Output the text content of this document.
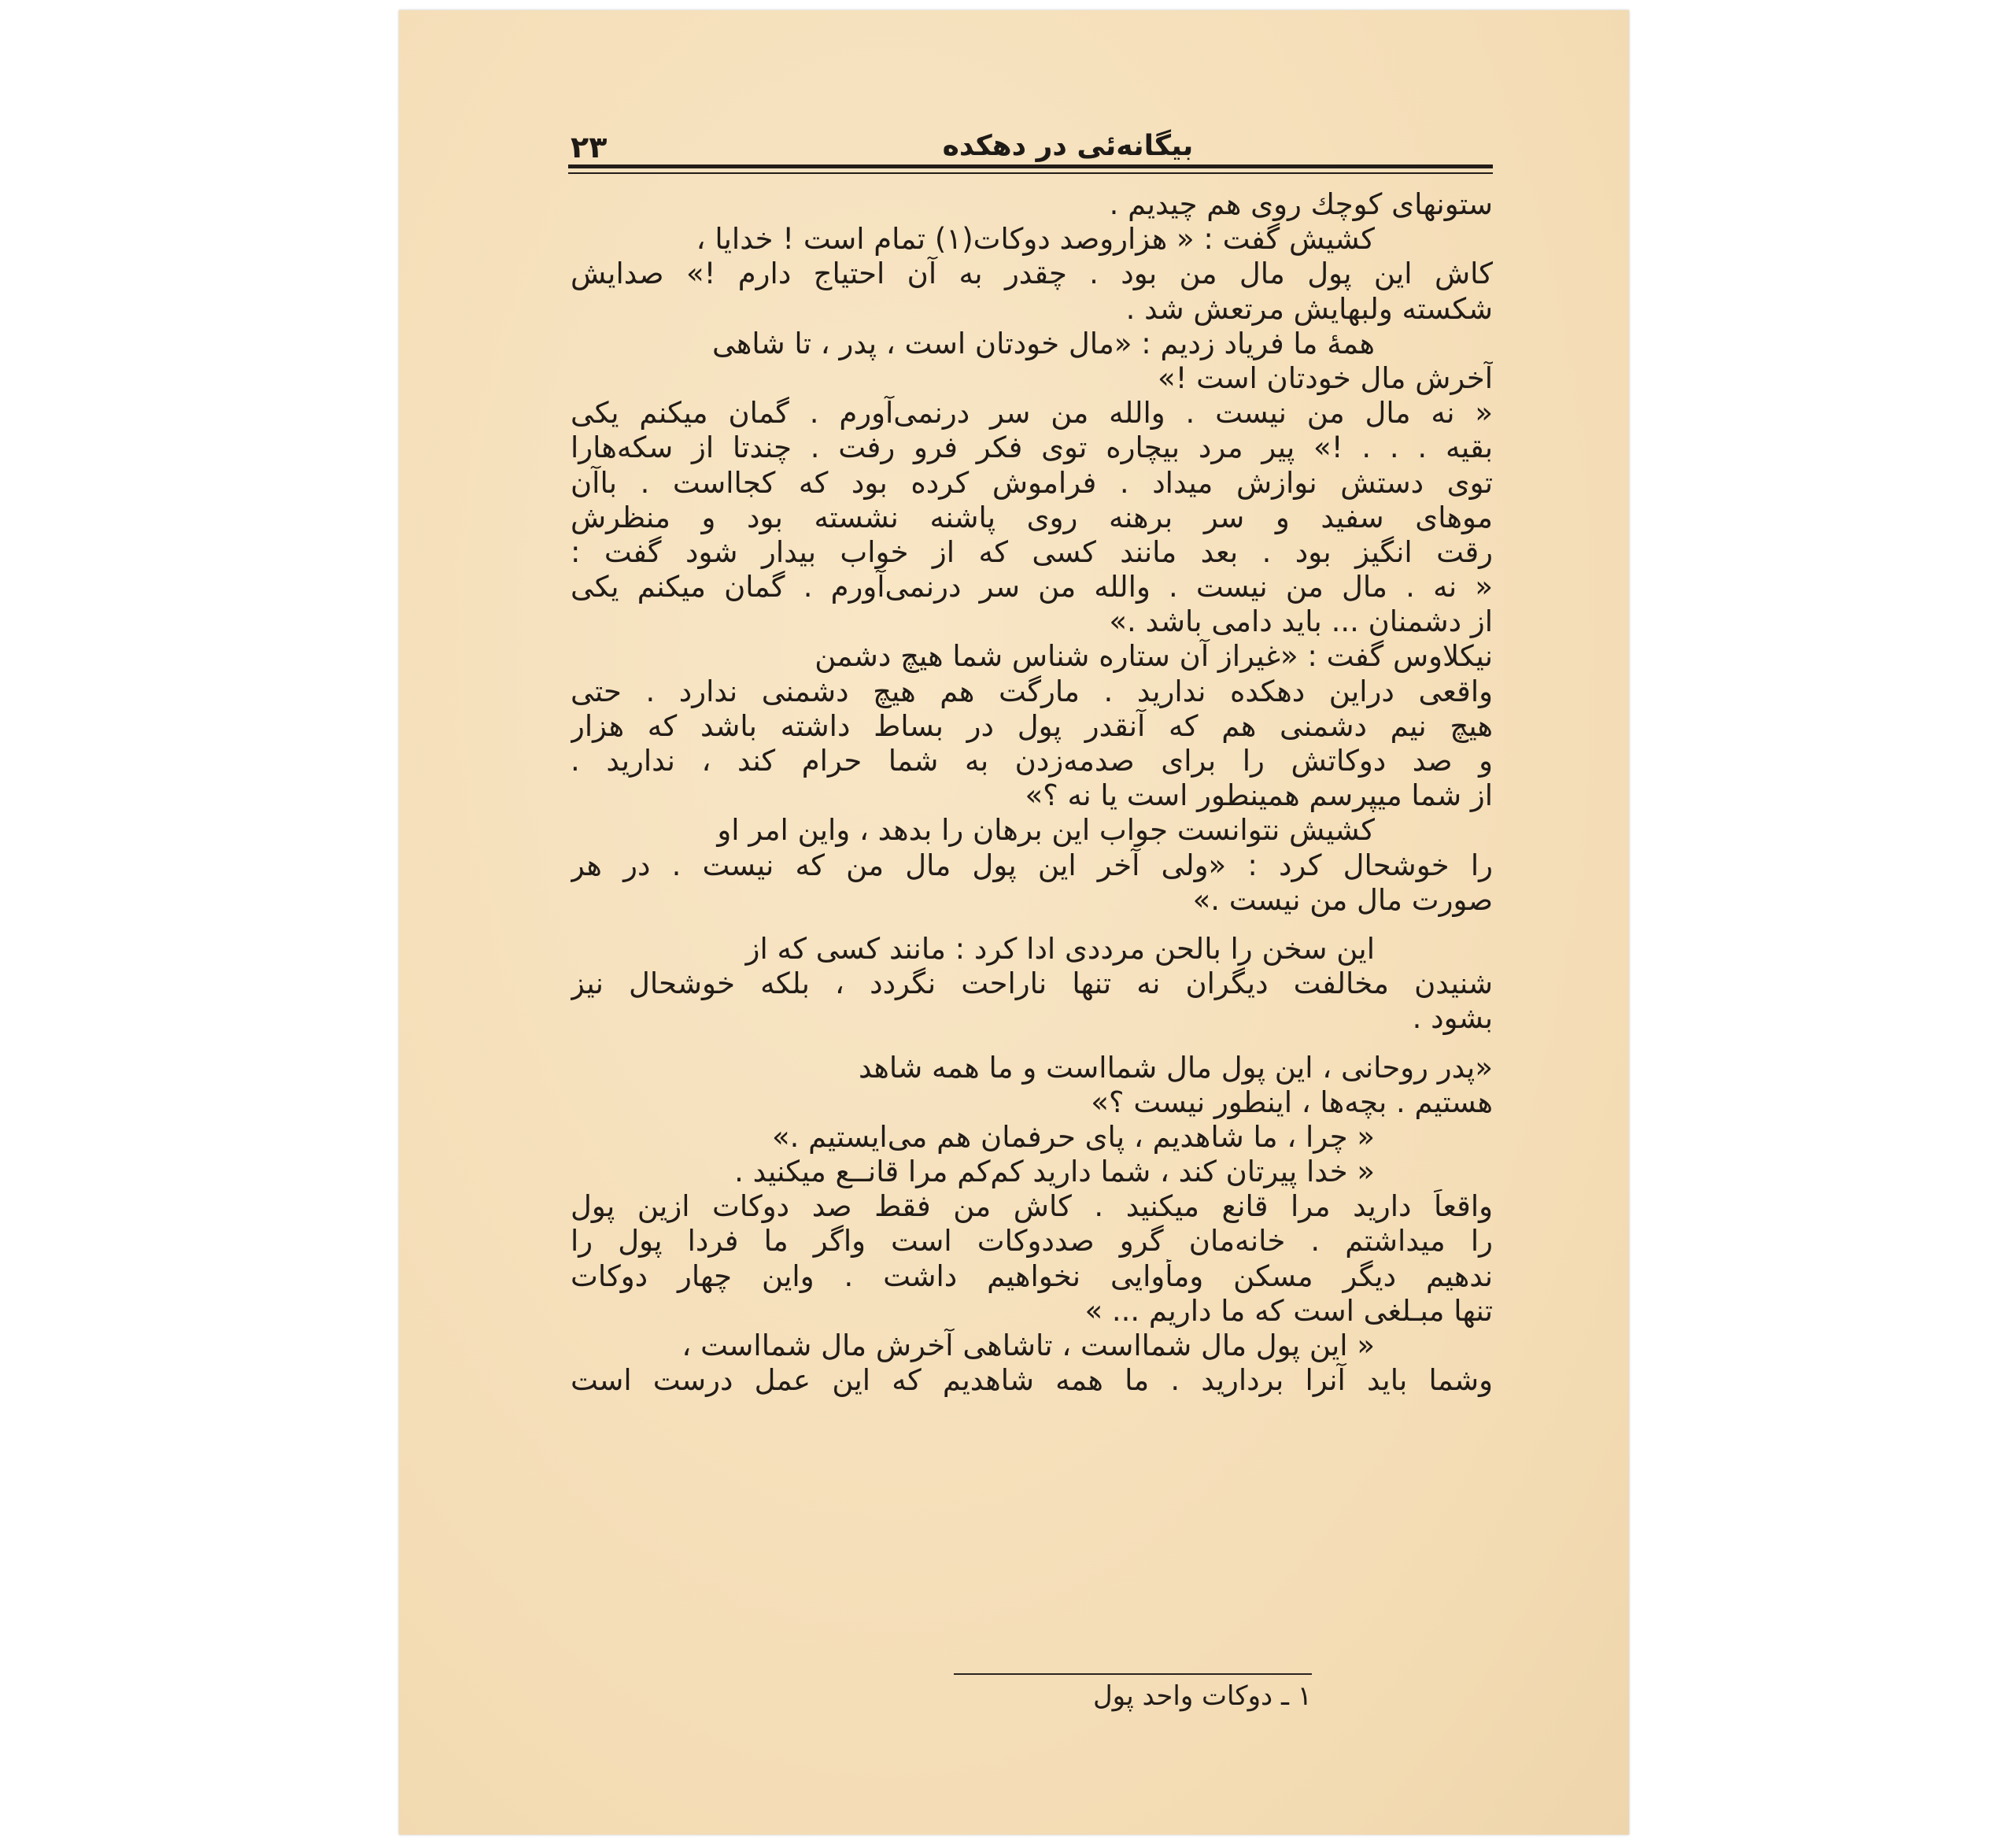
۲۳	بیگانه‌ئی در دهکده
ستونهای کوچك روی هم چیدیم .
کشیش گفت : « هزاروصد دوکات(۱) تمام است ! خدایا ،
کاش این پول مال من بود . چقدر به آن احتیاج دارم !» صدایش
شکسته ولبهایش مرتعش شد .
همهٔ ما فریاد زدیم : «مال خودتان است ، پدر ، تا شاهی
آخرش مال خودتان است !»
« نه مال من نیست . والله من سر درنمی‌آورم . گمان میکنم یکی
بقیه . . . !» پیر مرد بیچاره توی فکر فرو رفت . چندتا از سکه‌هارا
توی دستش نوازش میداد . فراموش کرده بود که کجااست . باآن
موهای سفید و سر برهنه روی پاشنه نشسته بود و منظرش
رقت انگیز بود . بعد مانند کسی که از خواب بیدار شود گفت :
« نه . مال من نیست . والله من سر درنمی‌آورم . گمان میکنم یکی
از دشمنان ... باید دامی باشد .»
نیکلاوس گفت : «غیراز آن ستاره شناس شما هیچ دشمن
واقعی دراین دهکده ندارید . مارگت هم هیچ دشمنی ندارد . حتی
هیچ نیم دشمنی هم که آنقدر پول در بساط داشته باشد که هزار
و صد دوکاتش را برای صدمه‌زدن به شما حرام کند ، ندارید .
از شما میپرسم همینطور است یا نه ؟»
کشیش نتوانست جواب این برهان را بدهد ، واین امر او
را خوشحال کرد : «ولی آخر این پول مال من که نیست . در هر
صورت مال من نیست .»
این سخن را بالحن مرددی ادا کرد : مانند کسی که از
شنیدن مخالفت دیگران نه تنها ناراحت نگردد ، بلکه خوشحال نیز
بشود .
«پدر روحانی ، این پول مال شمااست و ما همه شاهد
هستیم . بچه‌ها ، اینطور نیست ؟»
« چرا ، ما شاهدیم ، پای حرفمان هم می‌ایستیم .»
« خدا پیرتان کند ، شما دارید کم‌کم مرا قانــع میکنید .
واقعاً دارید مرا قانع میکنید . کاش من فقط صد دوکات ازین پول
را میداشتم . خانه‌مان گرو صددوکات است واگر ما فردا پول را
ندهیم دیگر مسکن ومأوایی نخواهیم داشت . واین چهار دوکات
تنها مبـلغی است که ما داریم ... »
« این پول مال شمااست ، تاشاهی آخرش مال شمااست ،
وشما باید آنرا بردارید . ما همه شاهدیم که این عمل درست است
۱ ـ دوکات واحد پول
